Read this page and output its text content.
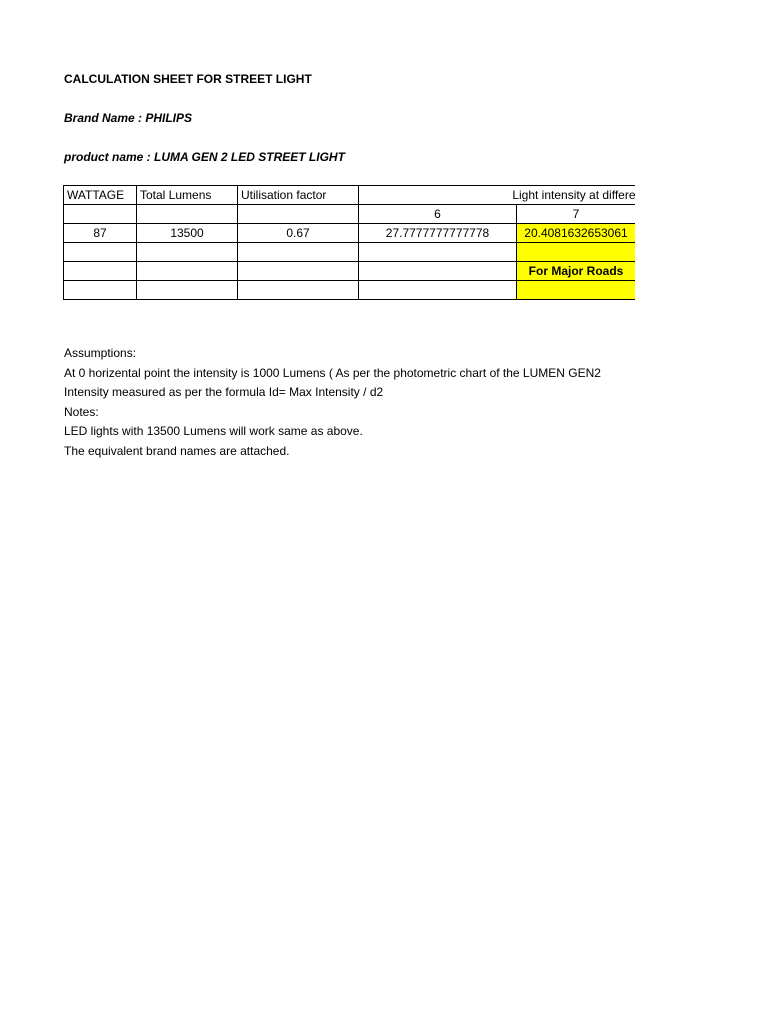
CALCULATION SHEET FOR STREET LIGHT
Brand Name : PHILIPS
product name : LUMA GEN 2 LED STREET LIGHT
WATTAGE	Total Lumens	Utilisation factor	Light intensity at differe	
			6	7
87	13500	0.67	27.7777777777778	20.4081632653061

				For Major Roads

Assumptions:
At 0 horizental point the intensity is 1000 Lumens ( As per the photometric chart of the LUMEN GEN2
Intensity measured as per the formula Id= Max Intensity / d2
Notes:
LED lights with 13500 Lumens will work same as above.
The equivalent brand names are attached.
